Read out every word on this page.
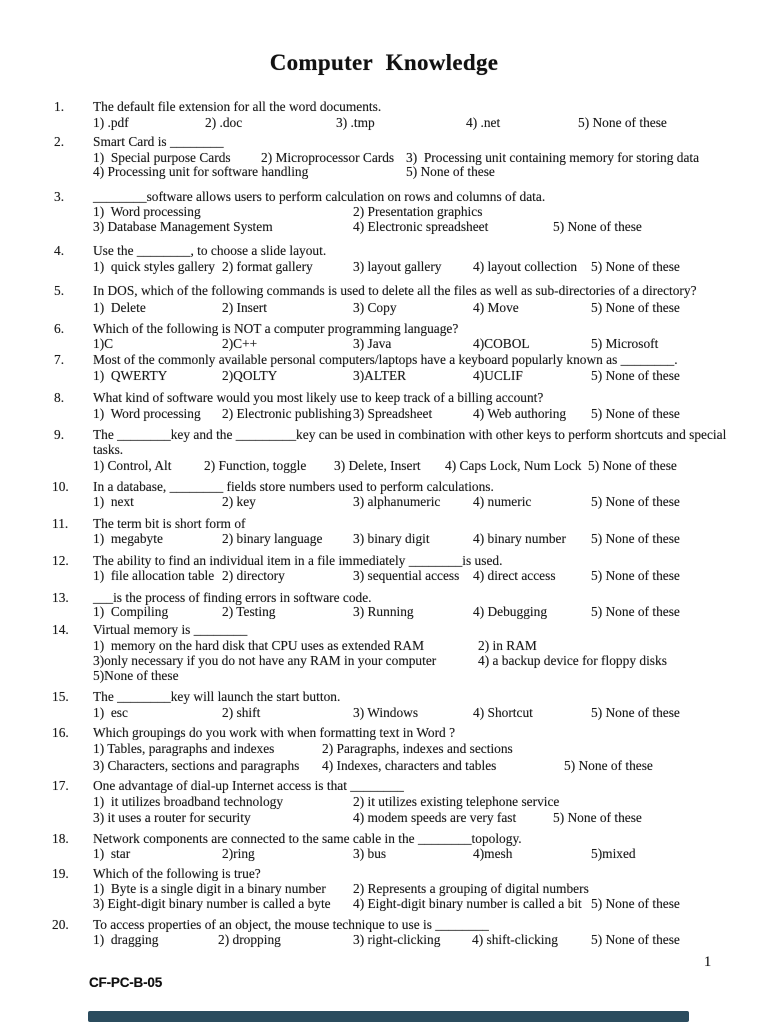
Computer Knowledge
1. The default file extension for all the word documents.
1) .pdf	2) .doc	3) .tmp	4) .net	5) None of these
2. Smart Card is ________
1)  Special purpose Cards 2) Microprocessor Cards 3)  Processing unit containing memory for storing data
4) Processing unit for software handling	5) None of these
3. ________software allows users to perform calculation on rows and columns of data.
1)  Word processing	2) Presentation graphics
3) Database Management System	4) Electronic spreadsheet	5) None of these
4. Use the ________, to choose a slide layout.
1)  quick styles gallery 2) format gallery	3) layout gallery 4) layout collection 5) None of these
5. In DOS, which of the following commands is used to delete all the files as well as sub-directories of a directory?
1)  Delete	2) Insert	3) Copy	4) Move	5) None of these
6. Which of the following is NOT a computer programming language?
1)C	2)C++	3) Java	4)COBOL	5) Microsoft
7. Most of the commonly available personal computers/laptops have a keyboard popularly known as ________.
1)  QWERTY	2)QOLTY	3)ALTER	4)UCLIF	5) None of these
8. What kind of software would you most likely use to keep track of a billing account?
1)  Word processing 2) Electronic publishing 3) Spreadsheet	4) Web authoring 5) None of these
9. The ________key and the _________key can be used in combination with other keys to perform shortcuts and special
tasks.
1) Control, Alt 2) Function, toggle 3) Delete, Insert 4) Caps Lock, Num Lock 5) None of these
10. In a database, ________ fields store numbers used to perform calculations.
1)  next	2) key	3) alphanumeric 4) numeric	5) None of these
11. The term bit is short form of
1)  megabyte	2) binary language 3) binary digit	4) binary number 5) None of these
12. The ability to find an individual item in a file immediately ________is used.
1)  file allocation table 2) directory	3) sequential access 4) direct access	5) None of these
13. ___is the process of finding errors in software code.
1)  Compiling	2) Testing	3) Running	4) Debugging	5) None of these
14. Virtual memory is ________
1)  memory on the hard disk that CPU uses as extended RAM	2) in RAM
3)only necessary if you do not have any RAM in your computer	4) a backup device for floppy disks
5)None of these
15. The ________key will launch the start button.
1)  esc	2) shift	3) Windows	4) Shortcut	5) None of these
16. Which groupings do you work with when formatting text in Word ?
1) Tables, paragraphs and indexes	2) Paragraphs, indexes and sections
3) Characters, sections and paragraphs 4) Indexes, characters and tables	5) None of these
17. One advantage of dial-up Internet access is that ________
1)  it utilizes broadband technology	2) it utilizes existing telephone service
3) it uses a router for security	4) modem speeds are very fast	5) None of these
18. Network components are connected to the same cable in the ________topology.
1)  star	2)ring	3) bus	4)mesh	5)mixed
19. Which of the following is true?
1)  Byte is a single digit in a binary number 2) Represents a grouping of digital numbers
3) Eight-digit binary number is called a byte 4) Eight-digit binary number is called a bit 5) None of these
20. To access properties of an object, the mouse technique to use is ________
1)  dragging	2) dropping	3) right-clicking 4) shift-clicking 5) None of these
1
CF-PC-B-05
